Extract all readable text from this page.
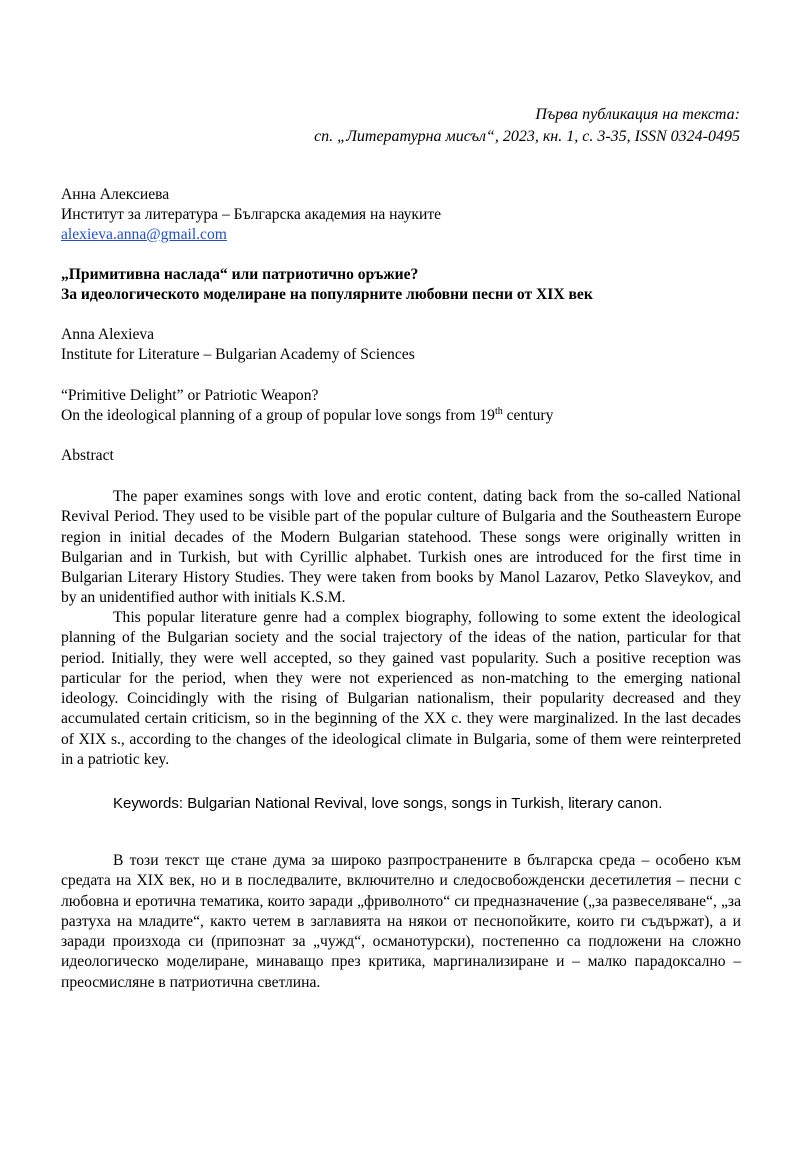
Първа публикация на текста:
сп. „Литературна мисъл“, 2023, кн. 1, с. 3-35, ISSN 0324-0495
Анна Алексиева
Институт за литература – Българска академия на науките
alexieva.anna@gmail.com
„Примитивна наслада“ или патриотично оръжие?
За идеологическото моделиране на популярните любовни песни от XIX век
Anna Alexieva
Institute for Literature – Bulgarian Academy of Sciences
“Primitive Delight” or Patriotic Weapon?
On the ideological planning of a group of popular love songs from 19th century
Abstract

The paper examines songs with love and erotic content, dating back from the so-called National Revival Period. They used to be visible part of the popular culture of Bulgaria and the Southeastern Europe region in initial decades of the Modern Bulgarian statehood. These songs were originally written in Bulgarian and in Turkish, but with Cyrillic alphabet. Turkish ones are introduced for the first time in Bulgarian Literary History Studies. They were taken from books by Manol Lazarov, Petko Slaveykov, and by an unidentified author with initials K.S.M.

This popular literature genre had a complex biography, following to some extent the ideological planning of the Bulgarian society and the social trajectory of the ideas of the nation, particular for that period. Initially, they were well accepted, so they gained vast popularity. Such a positive reception was particular for the period, when they were not experienced as non-matching to the emerging national ideology. Coincidingly with the rising of Bulgarian nationalism, their popularity decreased and they accumulated certain criticism, so in the beginning of the XX c. they were marginalized. In the last decades of XIX s., according to the changes of the ideological climate in Bulgaria, some of them were reinterpreted in a patriotic key.

Keywords: Bulgarian National Revival, love songs, songs in Turkish, literary canon.

В този текст ще стане дума за широко разпространените в българска среда – особено към средата на XIX век, но и в последвалите, включително и следосвобожденски десетилетия – песни с любовна и еротична тематика, които заради „фриволното“ си предназначение („за развеселяване“, „за разтуха на младите“, както четем в заглавията на някои от песнопойките, които ги съдържат), а и заради произхода си (припознат за „чужд“, османотурски), постепенно са подложени на сложно идеологическо моделиране, минаващо през критика, маргинализиране и – малко парадоксално – преосмисляне в патриотична светлина.
